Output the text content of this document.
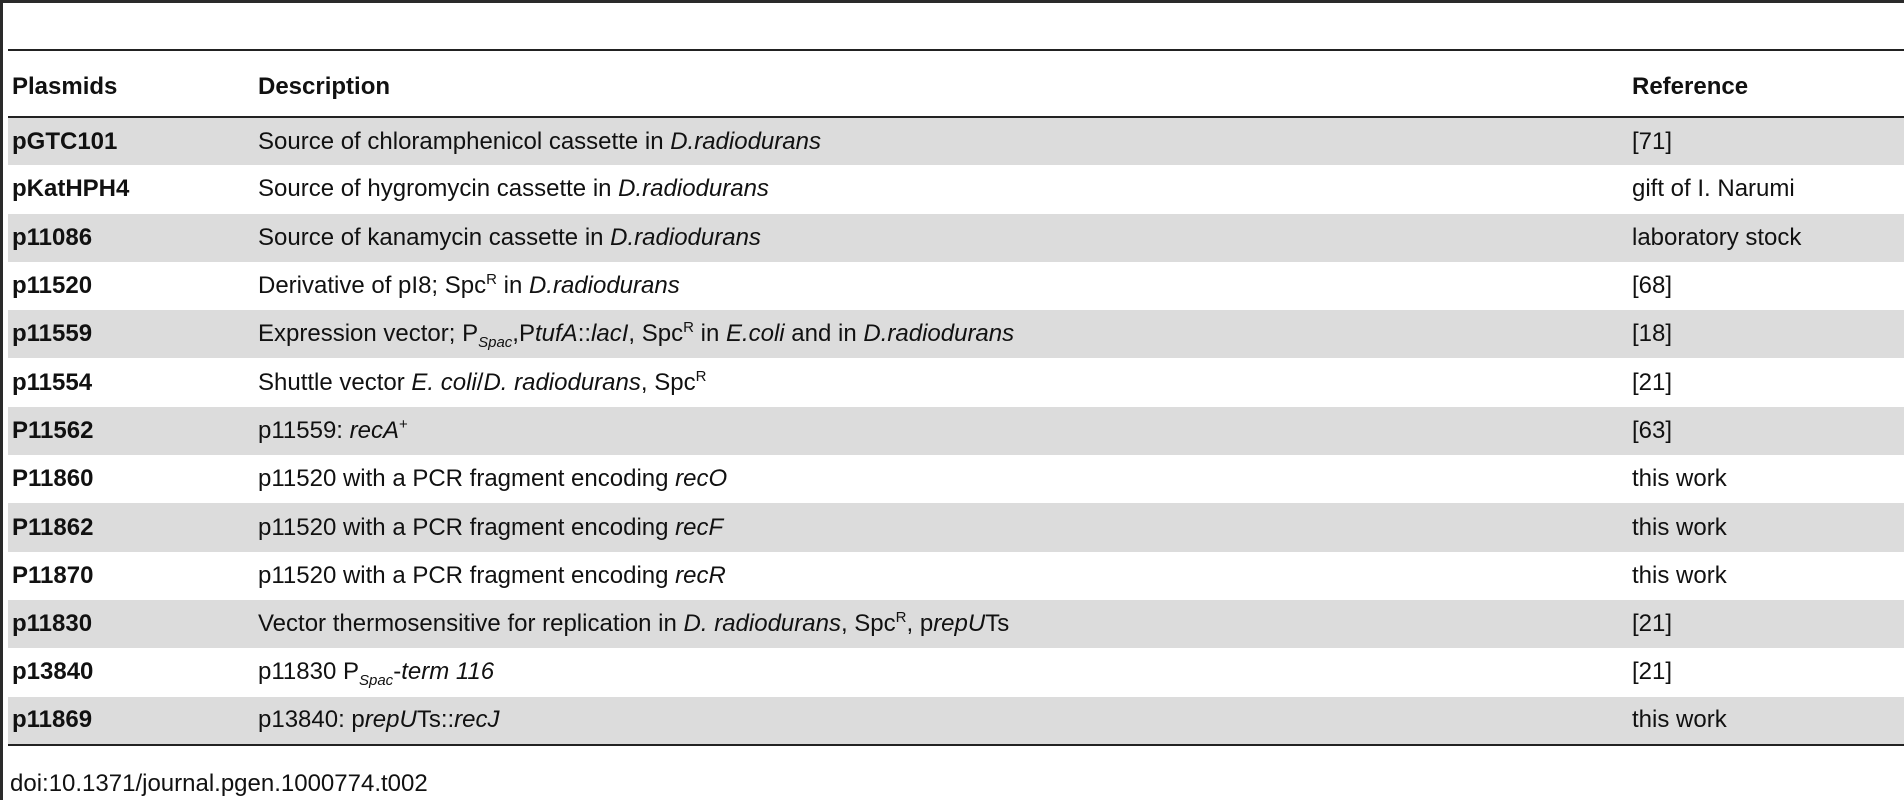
Plasmids	Description	Reference
pGTC101	Source of chloramphenicol cassette in D.radiodurans	[71]
pKatHPH4	Source of hygromycin cassette in D.radiodurans	gift of I. Narumi
p11086	Source of kanamycin cassette in D.radiodurans	laboratory stock
p11520	Derivative of pI8; Spc$^R$ in D.radiodurans	[68]
p11559	Expression vector; $P_{Spac},PtufA::lacI$, Spc$^R$ in E.coli and in D.radiodurans	[18]
p11554	Shuttle vector E. coli/D. radiodurans, Spc$^R$	[21]
P11562	p11559: recA+	[63]
P11860	p11520 with a PCR fragment encoding recO	this work
P11862	p11520 with a PCR fragment encoding recF	this work
P11870	p11520 with a PCR fragment encoding recR	this work
p11830	Vector thermosensitive for replication in D. radiodurans, Spc$^R$, prepUTs	[21]
p13840	p11830 $P_{Spac}$-term 116	[21]
p11869	p13840: prepUTs::recJ	this work
doi:10.1371/journal.pgen.1000774.t002
